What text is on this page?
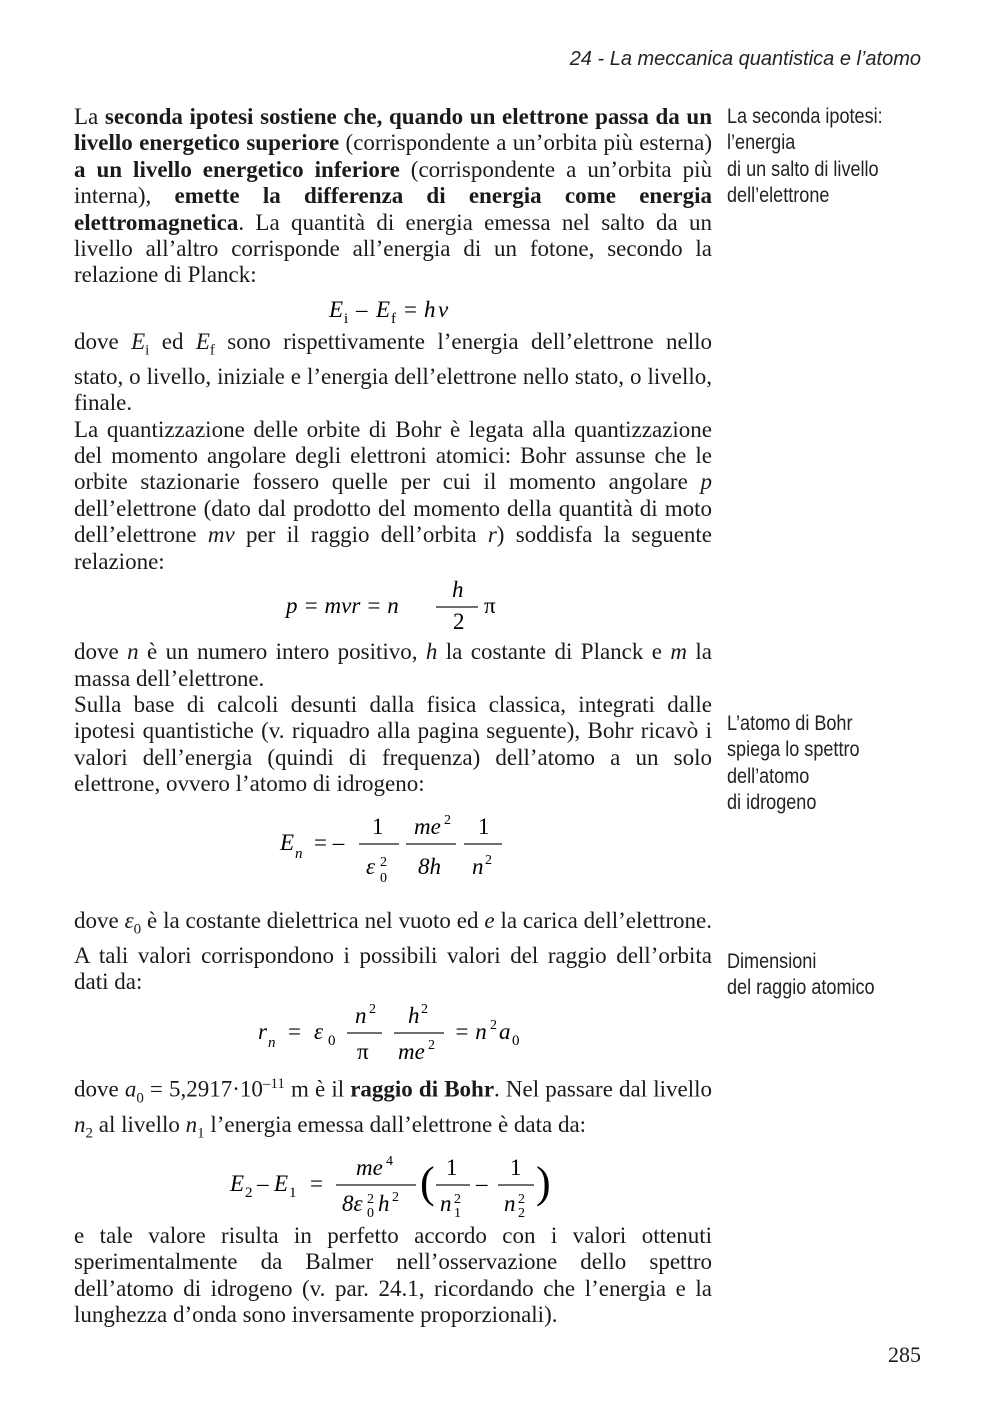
24 - La meccanica quantistica e l’atomo
La seconda ipotesi:
l’energia
di un salto di livello
dell’elettrone
L’atomo di Bohr
spiega lo spettro
dell’atomo
di idrogeno
Dimensioni
del raggio atomico

La seconda ipotesi sostiene che, quando un elettrone passa da un livello energetico superiore (corrispondente a un’orbita più esterna) a un livello energetico inferiore (corrispondente a un’orbita più interna), emette la differenza di energia come energia elettromagnetica. La quantità di energia emessa nel salto da un livello all’altro corrisponde all’energia di un fotone, secondo la relazione di Planck:

E i – E f = h ν

dove $E_i$ ed $E_f$ sono rispettivamente l’energia dell’elettrone nello stato, o livello, iniziale e l’energia dell’elettrone nello stato, o livello, finale.

La quantizzazione delle orbite di Bohr è legata alla quantizzazione del momento angolare degli elettroni atomici: Bohr assunse che le orbite stazionarie fossero quelle per cui il momento angolare p dell’elettrone (dato dal prodotto del momento della quantità di moto dell’elettrone mv per il raggio dell’orbita r) soddisfa la seguente relazione:

p = mvr = n
h
2
π

dove n è un numero intero positivo, h la costante di Planck e m la massa dell’elettrone.

Sulla base di calcoli desunti dalla fisica classica, integrati dalle ipotesi quantistiche (v. riquadro alla pagina seguente), Bohr ricavò i valori dell’energia (quindi di frequenza) dell’atomo a un solo elettrone, ovvero l’atomo di idrogeno:

E n = –
1
ε 2
0
me 2
8h
1
n 2

dove $\varepsilon_0$ è la costante dielettrica nel vuoto ed e la carica dell’elettrone. A tali valori corrispondono i possibili valori del raggio dell’orbita dati da:

r n = ε 0
n 2
π
h 2
me 2
= n 2 a 0

dove $a_0 = 5,2917\cdot 10^{-11}$ m è il raggio di Bohr. Nel passare dal livello $n_2$ al livello $n_1$ l’energia emessa dall’elettrone è data da:

E 2 – E 1 =
me 4
8ε 2
0 h 2 ( 1
n 2
1
–
1
n 2
2
)

e tale valore risulta in perfetto accordo con i valori ottenuti sperimentalmente da Balmer nell’osservazione dello spettro dell’atomo di idrogeno (v. par. 24.1, ricordando che l’energia e la lunghezza d’onda sono inversamente proporzionali).

285
